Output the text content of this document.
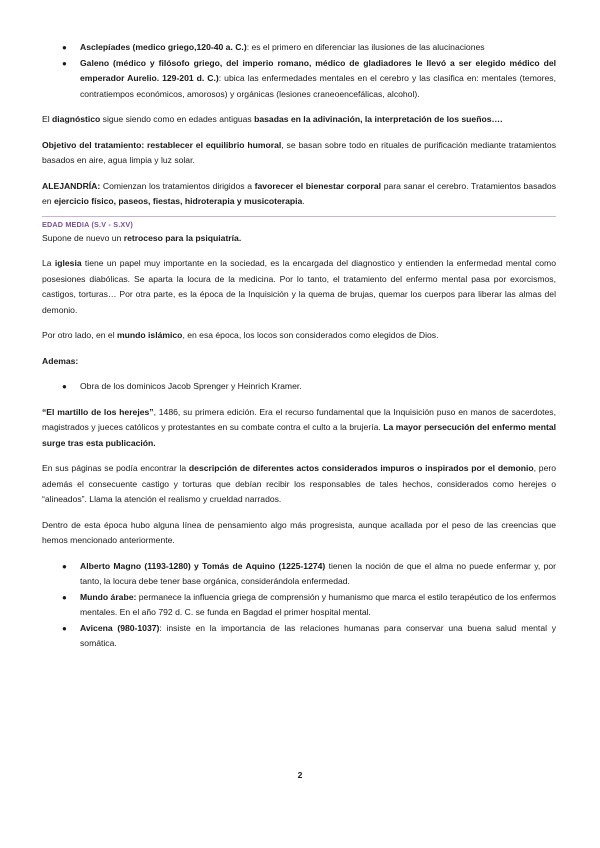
● Asclepíades (medico griego,120-40 a. C.): es el primero en diferenciar las ilusiones de las alucinaciones
● Galeno (médico y filósofo griego, del imperio romano, médico de gladiadores le llevó a ser elegido médico del emperador Aurelio. 129-201 d. C.): ubica las enfermedades mentales en el cerebro y las clasifica en: mentales (temores, contratiempos económicos, amorosos) y orgánicas (lesiones craneoencefálicas, alcohol).

El diagnóstico sigue siendo como en edades antiguas basadas en la adivinación, la interpretación de los sueños….

Objetivo del tratamiento: restablecer el equilibrio humoral, se basan sobre todo en rituales de purificación mediante tratamientos basados en aire, agua limpia y luz solar.

ALEJANDRÍA: Comienzan los tratamientos dirigidos a favorecer el bienestar corporal para sanar el cerebro. Tratamientos basados en ejercicio físico, paseos, fiestas, hidroterapia y musicoterapia.

EDAD MEDIA (S.V - S.XV)

Supone de nuevo un retroceso para la psiquiatría.

La iglesia tiene un papel muy importante en la sociedad, es la encargada del diagnostico y entienden la enfermedad mental como posesiones diabólicas. Se aparta la locura de la medicina. Por lo tanto, el tratamiento del enfermo mental pasa por exorcismos, castigos, torturas… Por otra parte, es la época de la Inquisición y la quema de brujas, quemar los cuerpos para liberar las almas del demonio.

Por otro lado, en el mundo islámico, en esa época, los locos son considerados como elegidos de Dios.

Ademas:

● Obra de los dominicos Jacob Sprenger y Heinrich Kramer.

“El martillo de los herejes”, 1486, su primera edición. Era el recurso fundamental que la Inquisición puso en manos de sacerdotes, magistrados y jueces católicos y protestantes en su combate contra el culto a la brujería. La mayor persecución del enfermo mental surge tras esta publicación.

En sus páginas se podía encontrar la descripción de diferentes actos considerados impuros o inspirados por el demonio, pero además el consecuente castigo y torturas que debían recibir los responsables de tales hechos, considerados como herejes o “alineados”. Llama la atención el realismo y crueldad narrados.

Dentro de esta época hubo alguna línea de pensamiento algo más progresista, aunque acallada por el peso de las creencias que hemos mencionado anteriormente.

● Alberto Magno (1193-1280) y Tomás de Aquino (1225-1274) tienen la noción de que el alma no puede enfermar y, por tanto, la locura debe tener base orgánica, considerándola enfermedad.
● Mundo árabe: permanece la influencia griega de comprensión y humanismo que marca el estilo terapéutico de los enfermos mentales. En el año 792 d. C. se funda en Bagdad el primer hospital mental.
● Avicena (980-1037): insiste en la importancia de las relaciones humanas para conservar una buena salud mental y somática.
2
